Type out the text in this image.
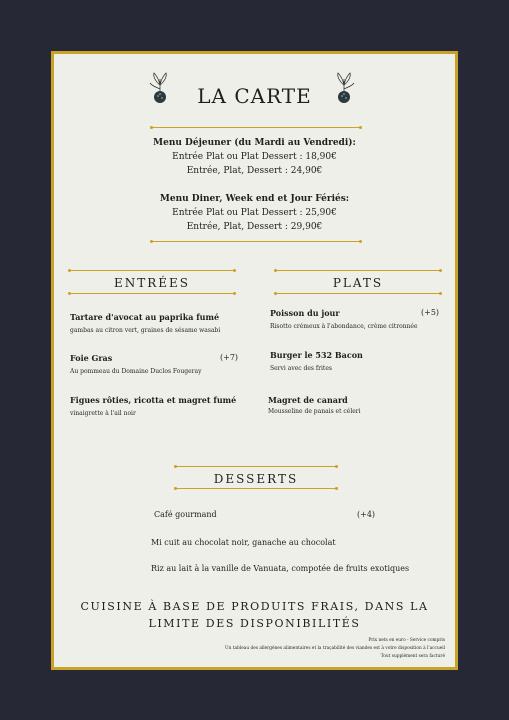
LA CARTE
Menu Déjeuner (du Mardi au Vendredi):
Entrée Plat ou Plat Dessert : 18,90€
Entrée, Plat, Dessert : 24,90€
Menu Diner, Week end et Jour Fériés:
Entrée Plat ou Plat Dessert : 25,90€
Entrée, Plat, Dessert : 29,90€
ENTRÉES
Tartare d'avocat au paprika fumé
gambas au citron vert, graines de sésame wasabi
Foie Gras	(+7)
Au pommeau du Domaine Duclos Fougeray
Figues rôties, ricotta et magret fumé
vinaigrette à l'ail noir
PLATS
Poisson du jour	(+5)
Risotto crémeux à l'abondance, crème citronnée
Burger le 532 Bacon
Servi avec des frites
Magret de canard
Mousseline de panais et céleri
DESSERTS
Café gourmand	(+4)
Mi cuit au chocolat noir, ganache au chocolat
Riz au lait à la vanille de Vanuata, compotée de fruits exotiques
CUISINE À BASE DE PRODUITS FRAIS, DANS LA
LIMITE DES DISPONIBILITÉS
Prix nets en euro - Service compris
Un tableau des allergènes alimentaires et la traçabilité des viandes est à votre disposition à l'accueil
Tout supplément sera facturé
